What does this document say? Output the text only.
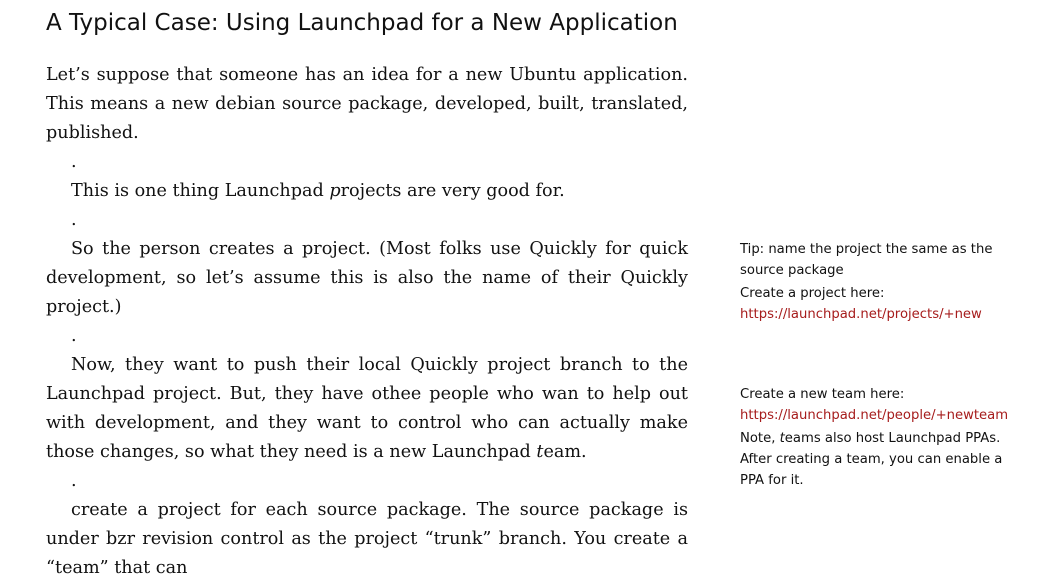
A Typical Case: Using Launchpad for a New Application

Let’s suppose that someone has an idea for a new Ubuntu application. This means a new debian source package, developed, built, translated, published.

.

This is one thing Launchpad projects are very good for.

.

So the person creates a project. (Most folks use Quickly for quick development, so let’s assume this is also the name of their Quickly project.)

.

Now, they want to push their local Quickly project branch to the Launchpad project. But, they have othee people who wan to help out with development, and they want to control who can actually make those changes, so what they need is a new Launchpad team.

.

create a project for each source package. The source package is under bzr revision control as the project “trunk” branch. You create a “team” that can

Tip: name the project the same as the source package

Create a project here: https://launchpad.net/projects/+new

Create a new team here: https://launchpad.net/people/+newteam

Note, teams also host Launchpad PPAs. After creating a team, you can enable a PPA for it.
